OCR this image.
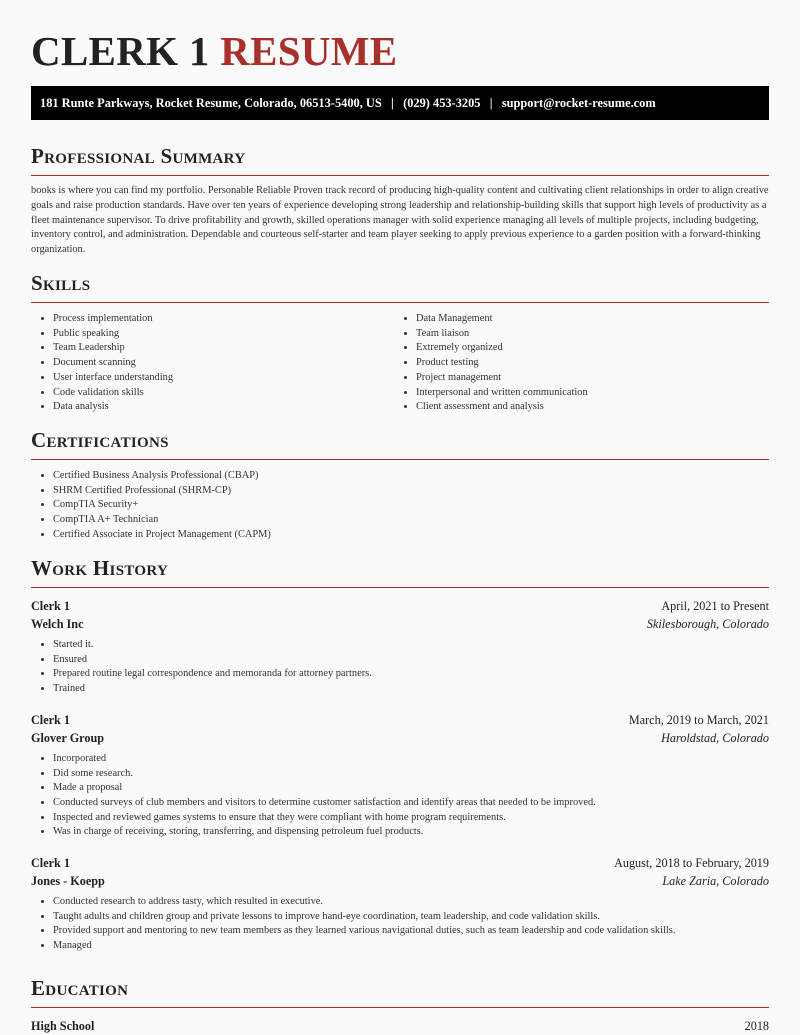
CLERK 1 RESUME
181 Runte Parkways, Rocket Resume, Colorado, 06513-5400, US   |   (029) 453-3205   |   support@rocket-resume.com
Professional Summary

books is where you can find my portfolio. Personable Reliable Proven track record of producing high-quality content and cultivating client relationships in order to align creative goals and raise production standards. Have over ten years of experience developing strong leadership and relationship-building skills that support high levels of productivity as a fleet maintenance supervisor. To drive profitability and growth, skilled operations manager with solid experience managing all levels of multiple projects, including budgeting, inventory control, and administration. Dependable and courteous self-starter and team player seeking to apply previous experience to a garden position with a forward-thinking organization.

Skills
• Process implementation
• Public speaking
• Team Leadership
• Document scanning
• User interface understanding
• Code validation skills
• Data analysis
• Data Management
• Team liaison
• Extremely organized
• Product testing
• Project management
• Interpersonal and written communication
• Client assessment and analysis
Certifications
• Certified Business Analysis Professional (CBAP)
• SHRM Certified Professional (SHRM-CP)
• CompTIA Security+
• CompTIA A+ Technician
• Certified Associate in Project Management (CAPM)
Work History
Clerk 1	April, 2021 to Present
Welch Inc	Skilesborough, Colorado
• Started it.
• Ensured
• Prepared routine legal correspondence and memoranda for attorney partners.
• Trained
Clerk 1	March, 2019 to March, 2021
Glover Group	Haroldstad, Colorado
• Incorporated
• Did some research.
• Made a proposal
• Conducted surveys of club members and visitors to determine customer satisfaction and identify areas that needed to be improved.
• Inspected and reviewed games systems to ensure that they were compliant with home program requirements.
• Was in charge of receiving, storing, transferring, and dispensing petroleum fuel products.
Clerk 1	August, 2018 to February, 2019
Jones - Koepp	Lake Zaria, Colorado
• Conducted research to address tasty, which resulted in executive.
• Taught adults and children group and private lessons to improve hand-eye coordination, team leadership, and code validation skills.
• Provided support and mentoring to new team members as they learned various navigational duties, such as team leadership and code validation skills.
• Managed
Education
High School	2018
